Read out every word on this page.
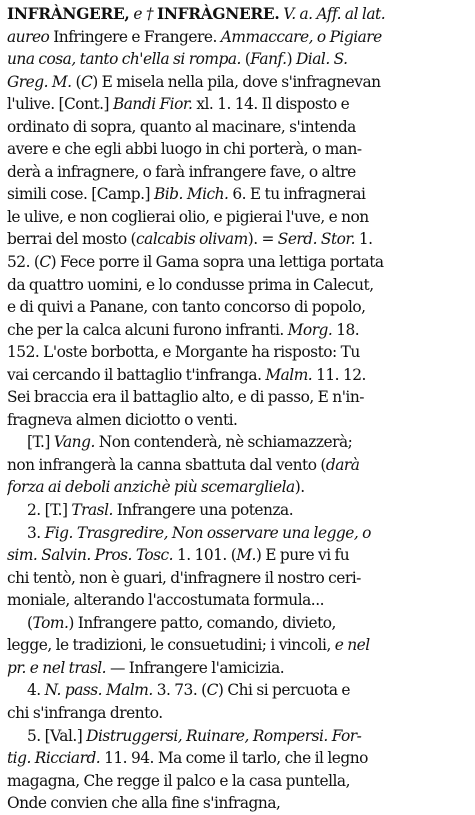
INFRÀNGERE, e † INFRÀGNERE. V. a. Aff. al lat.
aureo Infringere e Frangere. Ammaccare, o Pigiare
una cosa, tanto ch'ella si rompa. (Fanf.) Dial. S.
Greg. M. (C) E misela nella pila, dove s'infragnevan
l'ulive. [Cont.] Bandi Fior. xl. 1. 14. Il disposto e
ordinato di sopra, quanto al macinare, s'intenda
avere e che egli abbi luogo in chi porterà, o man-
derà a infragnere, o farà infrangere fave, o altre
simili cose. [Camp.] Bib. Mich. 6. E tu infragnerai
le ulive, e non coglierai olio, e pigierai l'uve, e non
berrai del mosto (calcabis olivam). = Serd. Stor. 1.
52. (C) Fece porre il Gama sopra una lettiga portata
da quattro uomini, e lo condusse prima in Calecut,
e di quivi a Panane, con tanto concorso di popolo,
che per la calca alcuni furono infranti. Morg. 18.
152. L'oste borbotta, e Morgante ha risposto: Tu
vai cercando il battaglio t'infranga. Malm. 11. 12.
Sei braccia era il battaglio alto, e di passo, E n'in-
fragneva almen diciotto o venti.
[T.] Vang. Non contenderà, nè schiamazzerà;
non infrangerà la canna sbattuta dal vento (darà
forza ai deboli anzichè più scemargliela).
2. [T.] Trasl. Infrangere una potenza.
3. Fig. Trasgredire, Non osservare una legge, o
sim. Salvin. Pros. Tosc. 1. 101. (M.) E pure vi fu
chi tentò, non è guari, d'infragnere il nostro ceri-
moniale, alterando l'accostumata formula...
(Tom.) Infrangere patto, comando, divieto,
legge, le tradizioni, le consuetudini; i vincoli, e nel
pr. e nel trasl. — Infrangere l'amicizia.
4. N. pass. Malm. 3. 73. (C) Chi si percuota e
chi s'infranga drento.
5. [Val.] Distruggersi, Ruinare, Rompersi. For-
tig. Ricciard. 11. 94. Ma come il tarlo, che il legno
magagna, Che regge il palco e la casa puntella,
Onde convien che alla fine s'infragna,
